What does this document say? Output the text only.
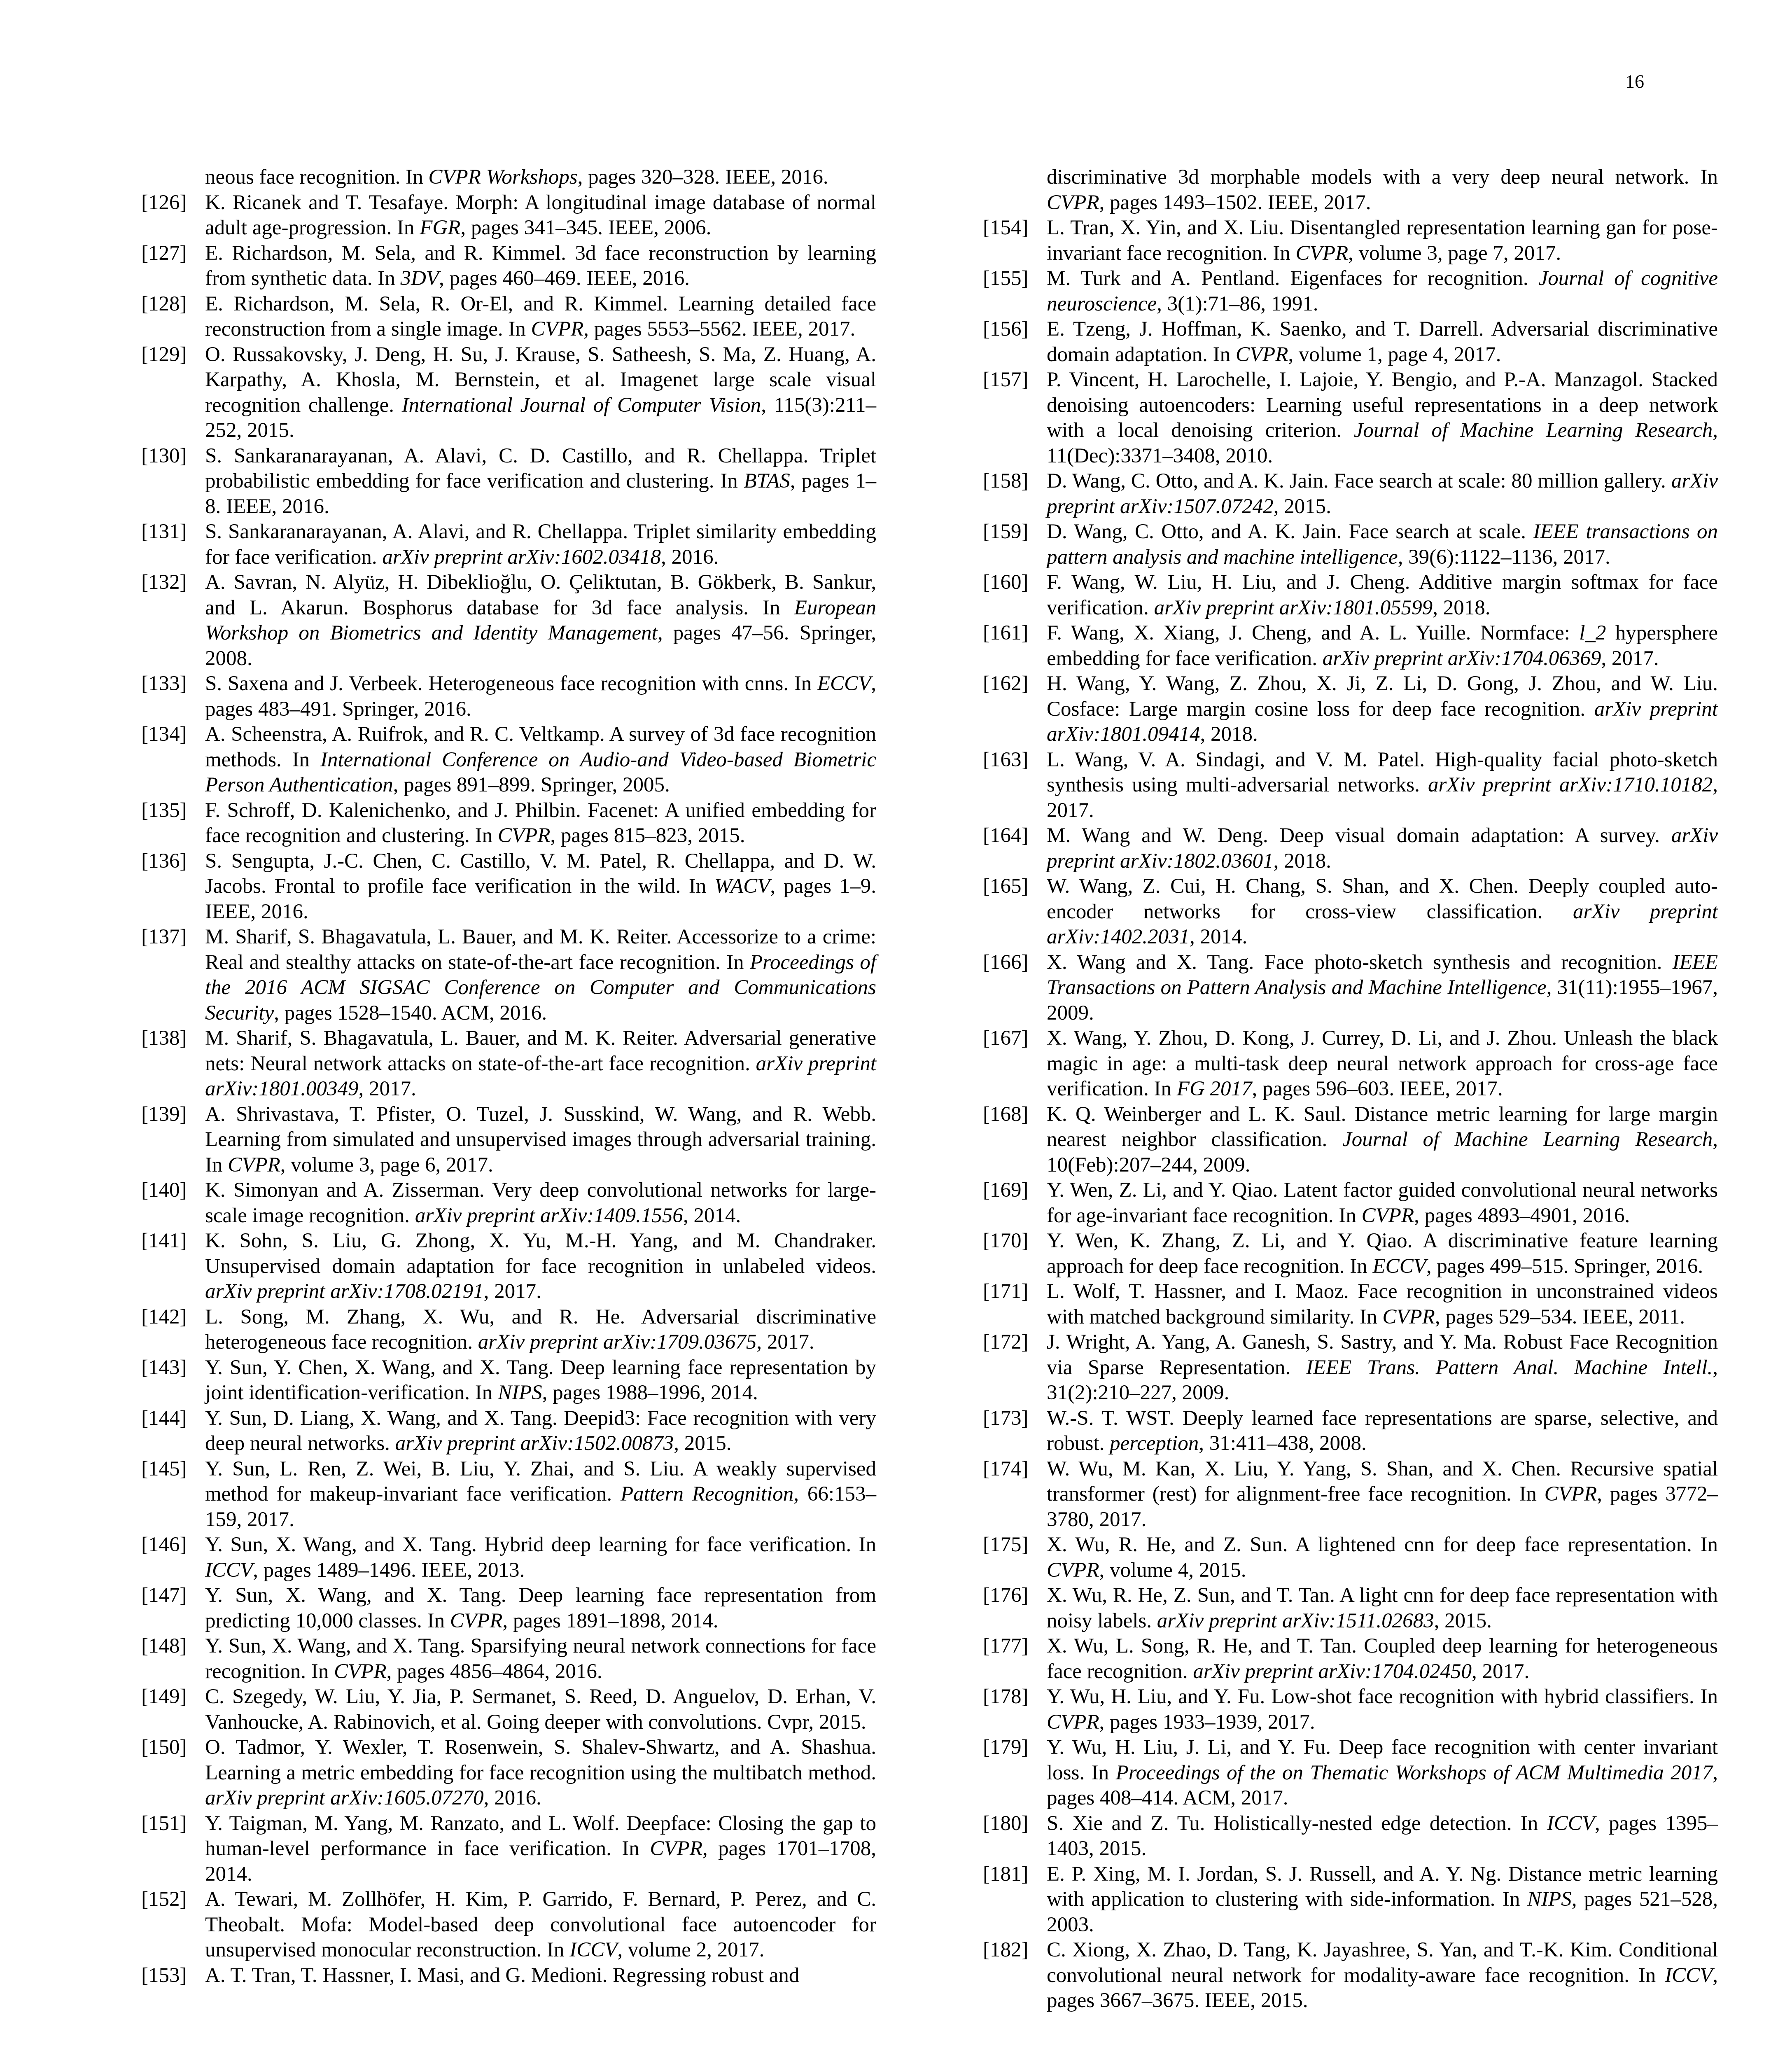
16
neous face recognition. In CVPR Workshops, pages 320–328. IEEE, 2016.
[126] K. Ricanek and T. Tesafaye. Morph: A longitudinal image database of normal adult age-progression. In FGR, pages 341–345. IEEE, 2006.
[127] E. Richardson, M. Sela, and R. Kimmel. 3d face reconstruction by learning from synthetic data. In 3DV, pages 460–469. IEEE, 2016.
[128] E. Richardson, M. Sela, R. Or-El, and R. Kimmel. Learning detailed face reconstruction from a single image. In CVPR, pages 5553–5562. IEEE, 2017.
[129] O. Russakovsky, J. Deng, H. Su, J. Krause, S. Satheesh, S. Ma, Z. Huang, A. Karpathy, A. Khosla, M. Bernstein, et al. Imagenet large scale visual recognition challenge. International Journal of Computer Vision, 115(3):211–252, 2015.
[130] S. Sankaranarayanan, A. Alavi, C. D. Castillo, and R. Chellappa. Triplet probabilistic embedding for face verification and clustering. In BTAS, pages 1–8. IEEE, 2016.
[131] S. Sankaranarayanan, A. Alavi, and R. Chellappa. Triplet similarity embedding for face verification. arXiv preprint arXiv:1602.03418, 2016.
[132] A. Savran, N. Alyüz, H. Dibeklioğlu, O. Çeliktutan, B. Gökberk, B. Sankur, and L. Akarun. Bosphorus database for 3d face analysis. In European Workshop on Biometrics and Identity Management, pages 47–56. Springer, 2008.
[133] S. Saxena and J. Verbeek. Heterogeneous face recognition with cnns. In ECCV, pages 483–491. Springer, 2016.
[134] A. Scheenstra, A. Ruifrok, and R. C. Veltkamp. A survey of 3d face recognition methods. In International Conference on Audio-and Video-based Biometric Person Authentication, pages 891–899. Springer, 2005.
[135] F. Schroff, D. Kalenichenko, and J. Philbin. Facenet: A unified embedding for face recognition and clustering. In CVPR, pages 815–823, 2015.
[136] S. Sengupta, J.-C. Chen, C. Castillo, V. M. Patel, R. Chellappa, and D. W. Jacobs. Frontal to profile face verification in the wild. In WACV, pages 1–9. IEEE, 2016.
[137] M. Sharif, S. Bhagavatula, L. Bauer, and M. K. Reiter. Accessorize to a crime: Real and stealthy attacks on state-of-the-art face recognition. In Proceedings of the 2016 ACM SIGSAC Conference on Computer and Communications Security, pages 1528–1540. ACM, 2016.
[138] M. Sharif, S. Bhagavatula, L. Bauer, and M. K. Reiter. Adversarial generative nets: Neural network attacks on state-of-the-art face recognition. arXiv preprint arXiv:1801.00349, 2017.
[139] A. Shrivastava, T. Pfister, O. Tuzel, J. Susskind, W. Wang, and R. Webb. Learning from simulated and unsupervised images through adversarial training. In CVPR, volume 3, page 6, 2017.
[140] K. Simonyan and A. Zisserman. Very deep convolutional networks for large-scale image recognition. arXiv preprint arXiv:1409.1556, 2014.
[141] K. Sohn, S. Liu, G. Zhong, X. Yu, M.-H. Yang, and M. Chandraker. Unsupervised domain adaptation for face recognition in unlabeled videos. arXiv preprint arXiv:1708.02191, 2017.
[142] L. Song, M. Zhang, X. Wu, and R. He. Adversarial discriminative heterogeneous face recognition. arXiv preprint arXiv:1709.03675, 2017.
[143] Y. Sun, Y. Chen, X. Wang, and X. Tang. Deep learning face representation by joint identification-verification. In NIPS, pages 1988–1996, 2014.
[144] Y. Sun, D. Liang, X. Wang, and X. Tang. Deepid3: Face recognition with very deep neural networks. arXiv preprint arXiv:1502.00873, 2015.
[145] Y. Sun, L. Ren, Z. Wei, B. Liu, Y. Zhai, and S. Liu. A weakly supervised method for makeup-invariant face verification. Pattern Recognition, 66:153–159, 2017.
[146] Y. Sun, X. Wang, and X. Tang. Hybrid deep learning for face verification. In ICCV, pages 1489–1496. IEEE, 2013.
[147] Y. Sun, X. Wang, and X. Tang. Deep learning face representation from predicting 10,000 classes. In CVPR, pages 1891–1898, 2014.
[148] Y. Sun, X. Wang, and X. Tang. Sparsifying neural network connections for face recognition. In CVPR, pages 4856–4864, 2016.
[149] C. Szegedy, W. Liu, Y. Jia, P. Sermanet, S. Reed, D. Anguelov, D. Erhan, V. Vanhoucke, A. Rabinovich, et al. Going deeper with convolutions. Cvpr, 2015.
[150] O. Tadmor, Y. Wexler, T. Rosenwein, S. Shalev-Shwartz, and A. Shashua. Learning a metric embedding for face recognition using the multibatch method. arXiv preprint arXiv:1605.07270, 2016.
[151] Y. Taigman, M. Yang, M. Ranzato, and L. Wolf. Deepface: Closing the gap to human-level performance in face verification. In CVPR, pages 1701–1708, 2014.
[152] A. Tewari, M. Zollhöfer, H. Kim, P. Garrido, F. Bernard, P. Perez, and C. Theobalt. Mofa: Model-based deep convolutional face autoencoder for unsupervised monocular reconstruction. In ICCV, volume 2, 2017.
[153] A. T. Tran, T. Hassner, I. Masi, and G. Medioni. Regressing robust and
discriminative 3d morphable models with a very deep neural network. In CVPR, pages 1493–1502. IEEE, 2017.
[154] L. Tran, X. Yin, and X. Liu. Disentangled representation learning gan for pose-invariant face recognition. In CVPR, volume 3, page 7, 2017.
[155] M. Turk and A. Pentland. Eigenfaces for recognition. Journal of cognitive neuroscience, 3(1):71–86, 1991.
[156] E. Tzeng, J. Hoffman, K. Saenko, and T. Darrell. Adversarial discriminative domain adaptation. In CVPR, volume 1, page 4, 2017.
[157] P. Vincent, H. Larochelle, I. Lajoie, Y. Bengio, and P.-A. Manzagol. Stacked denoising autoencoders: Learning useful representations in a deep network with a local denoising criterion. Journal of Machine Learning Research, 11(Dec):3371–3408, 2010.
[158] D. Wang, C. Otto, and A. K. Jain. Face search at scale: 80 million gallery. arXiv preprint arXiv:1507.07242, 2015.
[159] D. Wang, C. Otto, and A. K. Jain. Face search at scale. IEEE transactions on pattern analysis and machine intelligence, 39(6):1122–1136, 2017.
[160] F. Wang, W. Liu, H. Liu, and J. Cheng. Additive margin softmax for face verification. arXiv preprint arXiv:1801.05599, 2018.
[161] F. Wang, X. Xiang, J. Cheng, and A. L. Yuille. Normface: l_2 hypersphere embedding for face verification. arXiv preprint arXiv:1704.06369, 2017.
[162] H. Wang, Y. Wang, Z. Zhou, X. Ji, Z. Li, D. Gong, J. Zhou, and W. Liu. Cosface: Large margin cosine loss for deep face recognition. arXiv preprint arXiv:1801.09414, 2018.
[163] L. Wang, V. A. Sindagi, and V. M. Patel. High-quality facial photo-sketch synthesis using multi-adversarial networks. arXiv preprint arXiv:1710.10182, 2017.
[164] M. Wang and W. Deng. Deep visual domain adaptation: A survey. arXiv preprint arXiv:1802.03601, 2018.
[165] W. Wang, Z. Cui, H. Chang, S. Shan, and X. Chen. Deeply coupled auto-encoder networks for cross-view classification. arXiv preprint arXiv:1402.2031, 2014.
[166] X. Wang and X. Tang. Face photo-sketch synthesis and recognition. IEEE Transactions on Pattern Analysis and Machine Intelligence, 31(11):1955–1967, 2009.
[167] X. Wang, Y. Zhou, D. Kong, J. Currey, D. Li, and J. Zhou. Unleash the black magic in age: a multi-task deep neural network approach for cross-age face verification. In FG 2017, pages 596–603. IEEE, 2017.
[168] K. Q. Weinberger and L. K. Saul. Distance metric learning for large margin nearest neighbor classification. Journal of Machine Learning Research, 10(Feb):207–244, 2009.
[169] Y. Wen, Z. Li, and Y. Qiao. Latent factor guided convolutional neural networks for age-invariant face recognition. In CVPR, pages 4893–4901, 2016.
[170] Y. Wen, K. Zhang, Z. Li, and Y. Qiao. A discriminative feature learning approach for deep face recognition. In ECCV, pages 499–515. Springer, 2016.
[171] L. Wolf, T. Hassner, and I. Maoz. Face recognition in unconstrained videos with matched background similarity. In CVPR, pages 529–534. IEEE, 2011.
[172] J. Wright, A. Yang, A. Ganesh, S. Sastry, and Y. Ma. Robust Face Recognition via Sparse Representation. IEEE Trans. Pattern Anal. Machine Intell., 31(2):210–227, 2009.
[173] W.-S. T. WST. Deeply learned face representations are sparse, selective, and robust. perception, 31:411–438, 2008.
[174] W. Wu, M. Kan, X. Liu, Y. Yang, S. Shan, and X. Chen. Recursive spatial transformer (rest) for alignment-free face recognition. In CVPR, pages 3772–3780, 2017.
[175] X. Wu, R. He, and Z. Sun. A lightened cnn for deep face representation. In CVPR, volume 4, 2015.
[176] X. Wu, R. He, Z. Sun, and T. Tan. A light cnn for deep face representation with noisy labels. arXiv preprint arXiv:1511.02683, 2015.
[177] X. Wu, L. Song, R. He, and T. Tan. Coupled deep learning for heterogeneous face recognition. arXiv preprint arXiv:1704.02450, 2017.
[178] Y. Wu, H. Liu, and Y. Fu. Low-shot face recognition with hybrid classifiers. In CVPR, pages 1933–1939, 2017.
[179] Y. Wu, H. Liu, J. Li, and Y. Fu. Deep face recognition with center invariant loss. In Proceedings of the on Thematic Workshops of ACM Multimedia 2017, pages 408–414. ACM, 2017.
[180] S. Xie and Z. Tu. Holistically-nested edge detection. In ICCV, pages 1395–1403, 2015.
[181] E. P. Xing, M. I. Jordan, S. J. Russell, and A. Y. Ng. Distance metric learning with application to clustering with side-information. In NIPS, pages 521–528, 2003.
[182] C. Xiong, X. Zhao, D. Tang, K. Jayashree, S. Yan, and T.-K. Kim. Conditional convolutional neural network for modality-aware face recognition. In ICCV, pages 3667–3675. IEEE, 2015.
